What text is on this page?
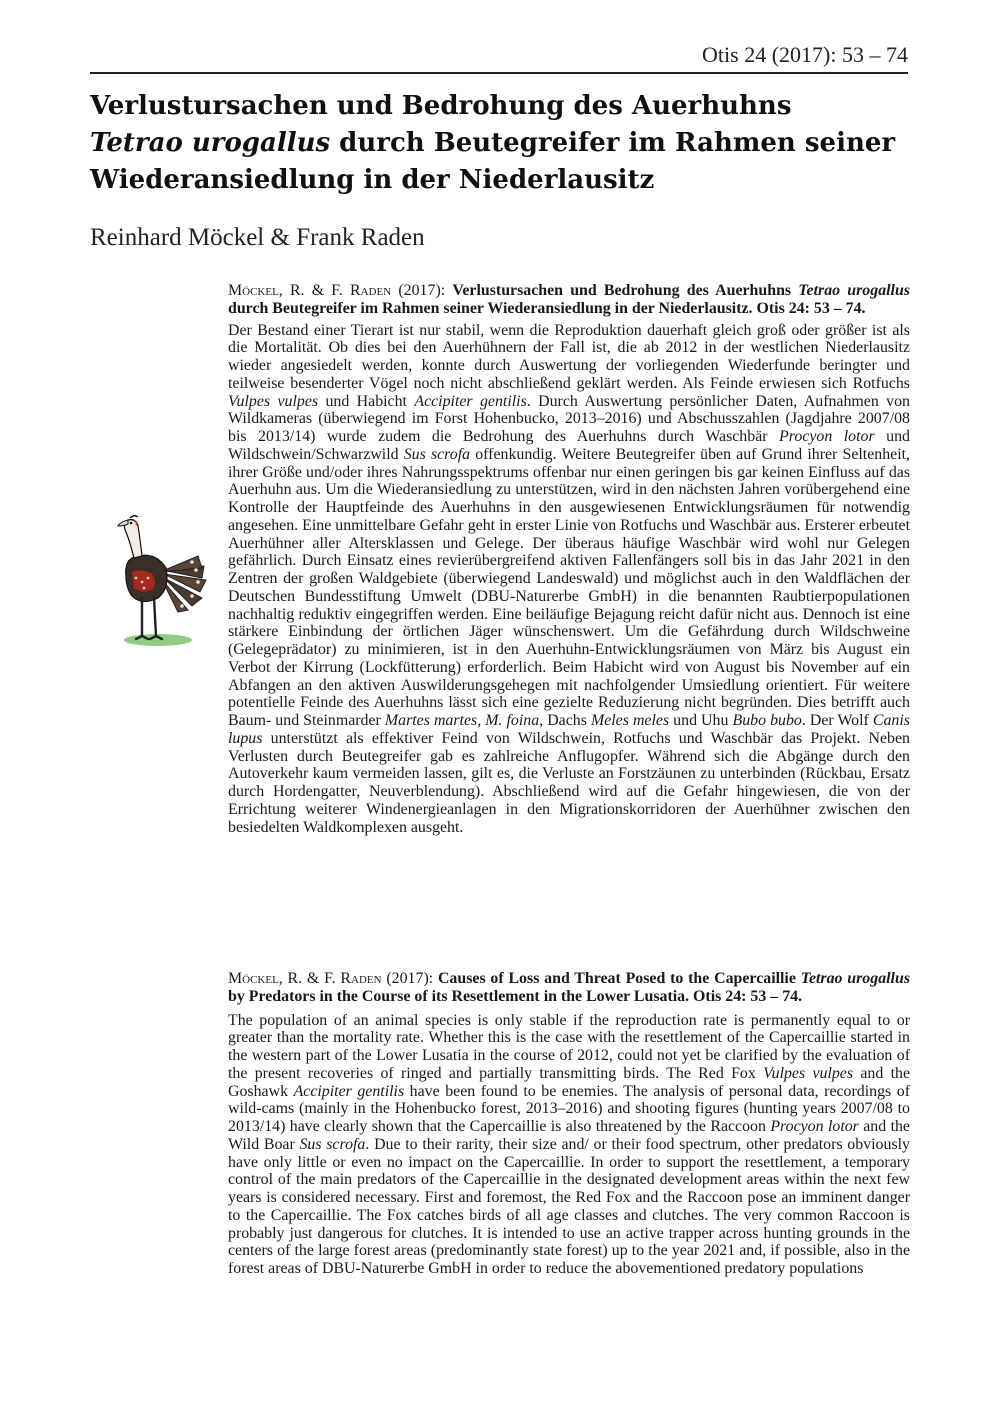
Otis 24 (2017): 53 – 74
Verlustursachen und Bedrohung des Auerhuhns
Tetrao urogallus durch Beutegreifer im Rahmen seiner
Wiederansiedlung in der Niederlausitz
Reinhard Möckel & Frank Raden

Möckel, R. & F. Raden (2017): Verlustursachen und Bedrohung des Auerhuhns Tetrao urogallus durch Beutegreifer im Rahmen seiner Wiederansiedlung in der Niederlausitz. Otis 24: 53 – 74.

Der Bestand einer Tierart ist nur stabil, wenn die Reproduktion dauerhaft gleich groß oder größer ist als die Mortalität. Ob dies bei den Auerhühnern der Fall ist, die ab 2012 in der westlichen Niederlausitz wieder angesiedelt werden, konnte durch Auswertung der vorliegenden Wiederfunde beringter und teilweise besenderter Vögel noch nicht abschließend geklärt werden. Als Feinde erwiesen sich Rotfuchs Vulpes vulpes und Habicht Accipiter gentilis. Durch Auswertung persönlicher Daten, Aufnahmen von Wildkameras (überwiegend im Forst Hohenbucko, 2013–2016) und Abschusszahlen (Jagdjahre 2007/08 bis 2013/14) wurde zudem die Bedrohung des Auerhuhns durch Waschbär Procyon lotor und Wildschwein/Schwarzwild Sus scrofa offenkundig. Weitere Beutegreifer üben auf Grund ihrer Seltenheit, ihrer Größe und/oder ihres Nahrungsspektrums offenbar nur einen geringen bis gar keinen Einfluss auf das Auerhuhn aus. Um die Wiederansiedlung zu unterstützen, wird in den nächsten Jahren vorübergehend eine Kontrolle der Hauptfeinde des Auerhuhns in den ausgewiesenen Entwicklungsräumen für notwendig angesehen. Eine unmittelbare Gefahr geht in erster Linie von Rotfuchs und Waschbär aus. Ersterer erbeutet Auerhühner aller Altersklassen und Gelege. Der überaus häufige Waschbär wird wohl nur Gelegen gefährlich. Durch Einsatz eines revierübergreifend aktiven Fallenfängers soll bis in das Jahr 2021 in den Zentren der großen Waldgebiete (überwiegend Landeswald) und möglichst auch in den Waldflächen der Deutschen Bundesstiftung Umwelt (DBU-Naturerbe GmbH) in die benannten Raubtierpopulationen nachhaltig reduktiv eingegriffen werden. Eine beiläufige Bejagung reicht dafür nicht aus. Dennoch ist eine stärkere Einbindung der örtlichen Jäger wünschenswert. Um die Gefährdung durch Wildschweine (Gelegeprädator) zu minimieren, ist in den Auerhuhn-Entwicklungsräumen von März bis August ein Verbot der Kirrung (Lockfütterung) erforderlich. Beim Habicht wird von August bis November auf ein Abfangen an den aktiven Auswilderungsgehegen mit nachfolgender Umsiedlung orientiert. Für weitere potentielle Feinde des Auerhuhns lässt sich eine gezielte Reduzierung nicht begründen. Dies betrifft auch Baum- und Steinmarder Martes martes, M. foina, Dachs Meles meles und Uhu Bubo bubo. Der Wolf Canis lupus unterstützt als effektiver Feind von Wildschwein, Rotfuchs und Waschbär das Projekt. Neben Verlusten durch Beutegreifer gab es zahlreiche Anflugopfer. Während sich die Abgänge durch den Autoverkehr kaum vermeiden lassen, gilt es, die Verluste an Forstzäunen zu unterbinden (Rückbau, Ersatz durch Hordengatter, Neuverblendung). Abschließend wird auf die Gefahr hingewiesen, die von der Errichtung weiterer Windenergieanlagen in den Migrationskorridoren der Auerhühner zwischen den besiedelten Waldkomplexen ausgeht.

Möckel, R. & F. Raden (2017): Causes of Loss and Threat Posed to the Capercaillie Tetrao urogallus by Predators in the Course of its Resettlement in the Lower Lusatia. Otis 24: 53 – 74.

The population of an animal species is only stable if the reproduction rate is permanently equal to or greater than the mortality rate. Whether this is the case with the resettlement of the Capercaillie started in the western part of the Lower Lusatia in the course of 2012, could not yet be clarified by the evaluation of the present recoveries of ringed and partially transmitting birds. The Red Fox Vulpes vulpes and the Goshawk Accipiter gentilis have been found to be enemies. The analysis of personal data, recordings of wild-cams (mainly in the Hohenbucko forest, 2013–2016) and shooting figures (hunting years 2007/08 to 2013/14) have clearly shown that the Capercaillie is also threatened by the Raccoon Procyon lotor and the Wild Boar Sus scrofa. Due to their rarity, their size and/ or their food spectrum, other predators obviously have only little or even no impact on the Capercaillie. In order to support the resettlement, a temporary control of the main predators of the Capercaillie in the designated development areas within the next few years is considered necessary. First and foremost, the Red Fox and the Raccoon pose an imminent danger to the Capercaillie. The Fox catches birds of all age classes and clutches. The very common Raccoon is probably just dangerous for clutches. It is intended to use an active trapper across hunting grounds in the centers of the large forest areas (predominantly state forest) up to the year 2021 and, if possible, also in the forest areas of DBU-Naturerbe GmbH in order to reduce the abovementioned predatory populations
